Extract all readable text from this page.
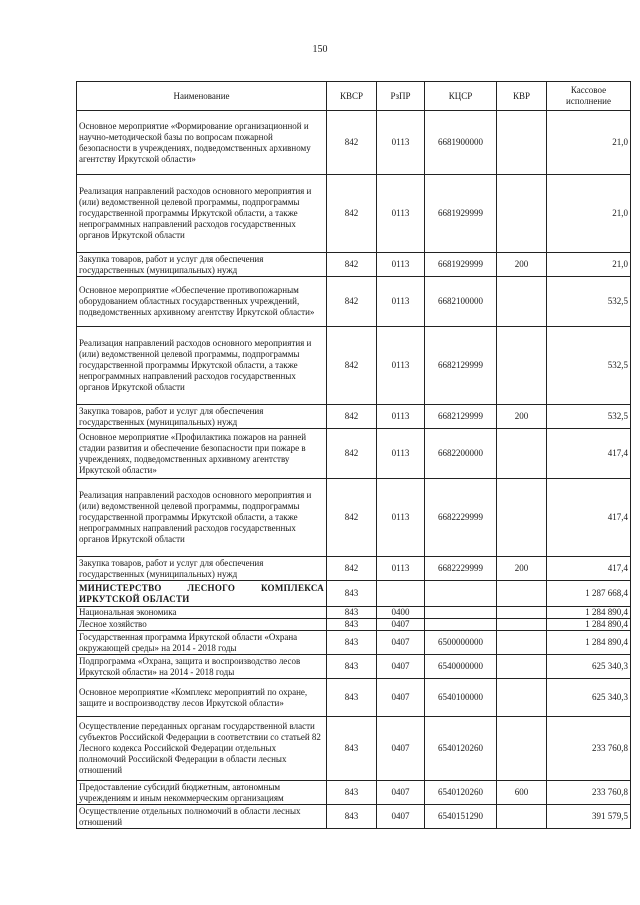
150
Наименование	КВСР	РзПР	КЦСР	КВР	Кассовое исполнение
Основное мероприятие «Формирование организационной и научно-методической базы по вопросам пожарной безопасности в учреждениях, подведомственных архивному агентству Иркутской области»	842	0113	6681900000		21,0
Реализация направлений расходов основного мероприятия и (или) ведомственной целевой программы, подпрограммы государственной программы Иркутской области, а также непрограммных направлений расходов государственных органов Иркутской области	842	0113	6681929999		21,0
Закупка товаров, работ и услуг для обеспечения государственных (муниципальных) нужд	842	0113	6681929999	200	21,0
Основное мероприятие «Обеспечение противопожарным оборудованием областных государственных учреждений, подведомственных архивному агентству Иркутской области»	842	0113	6682100000		532,5
Реализация направлений расходов основного мероприятия и (или) ведомственной целевой программы, подпрограммы государственной программы Иркутской области, а также непрограммных направлений расходов государственных органов Иркутской области	842	0113	6682129999		532,5
Закупка товаров, работ и услуг для обеспечения государственных (муниципальных) нужд	842	0113	6682129999	200	532,5
Основное мероприятие «Профилактика пожаров на ранней стадии развития и обеспечение безопасности при пожаре в учреждениях, подведомственных архивному агентству Иркутской области»	842	0113	6682200000		417,4
Реализация направлений расходов основного мероприятия и (или) ведомственной целевой программы, подпрограммы государственной программы Иркутской области, а также непрограммных направлений расходов государственных органов Иркутской области	842	0113	6682229999		417,4
Закупка товаров, работ и услуг для обеспечения государственных (муниципальных) нужд	842	0113	6682229999	200	417,4
МИНИСТЕРСТВО ЛЕСНОГО КОМПЛЕКСА ИРКУТСКОЙ ОБЛАСТИ	843				1 287 668,4
Национальная экономика	843	0400			1 284 890,4
Лесное хозяйство	843	0407			1 284 890,4
Государственная программа Иркутской области «Охрана окружающей среды» на 2014 - 2018 годы	843	0407	6500000000		1 284 890,4
Подпрограмма «Охрана, защита и воспроизводство лесов Иркутской области» на 2014 - 2018 годы	843	0407	6540000000		625 340,3
Основное мероприятие «Комплекс мероприятий по охране, защите и воспроизводству лесов Иркутской области»	843	0407	6540100000		625 340,3
Осуществление переданных органам государственной власти субъектов Российской Федерации в соответствии со статьей 82 Лесного кодекса Российской Федерации отдельных полномочий Российской Федерации в области лесных отношений	843	0407	6540120260		233 760,8
Предоставление субсидий бюджетным, автономным учреждениям и иным некоммерческим организациям	843	0407	6540120260	600	233 760,8
Осуществление отдельных полномочий в области лесных отношений	843	0407	6540151290		391 579,5
